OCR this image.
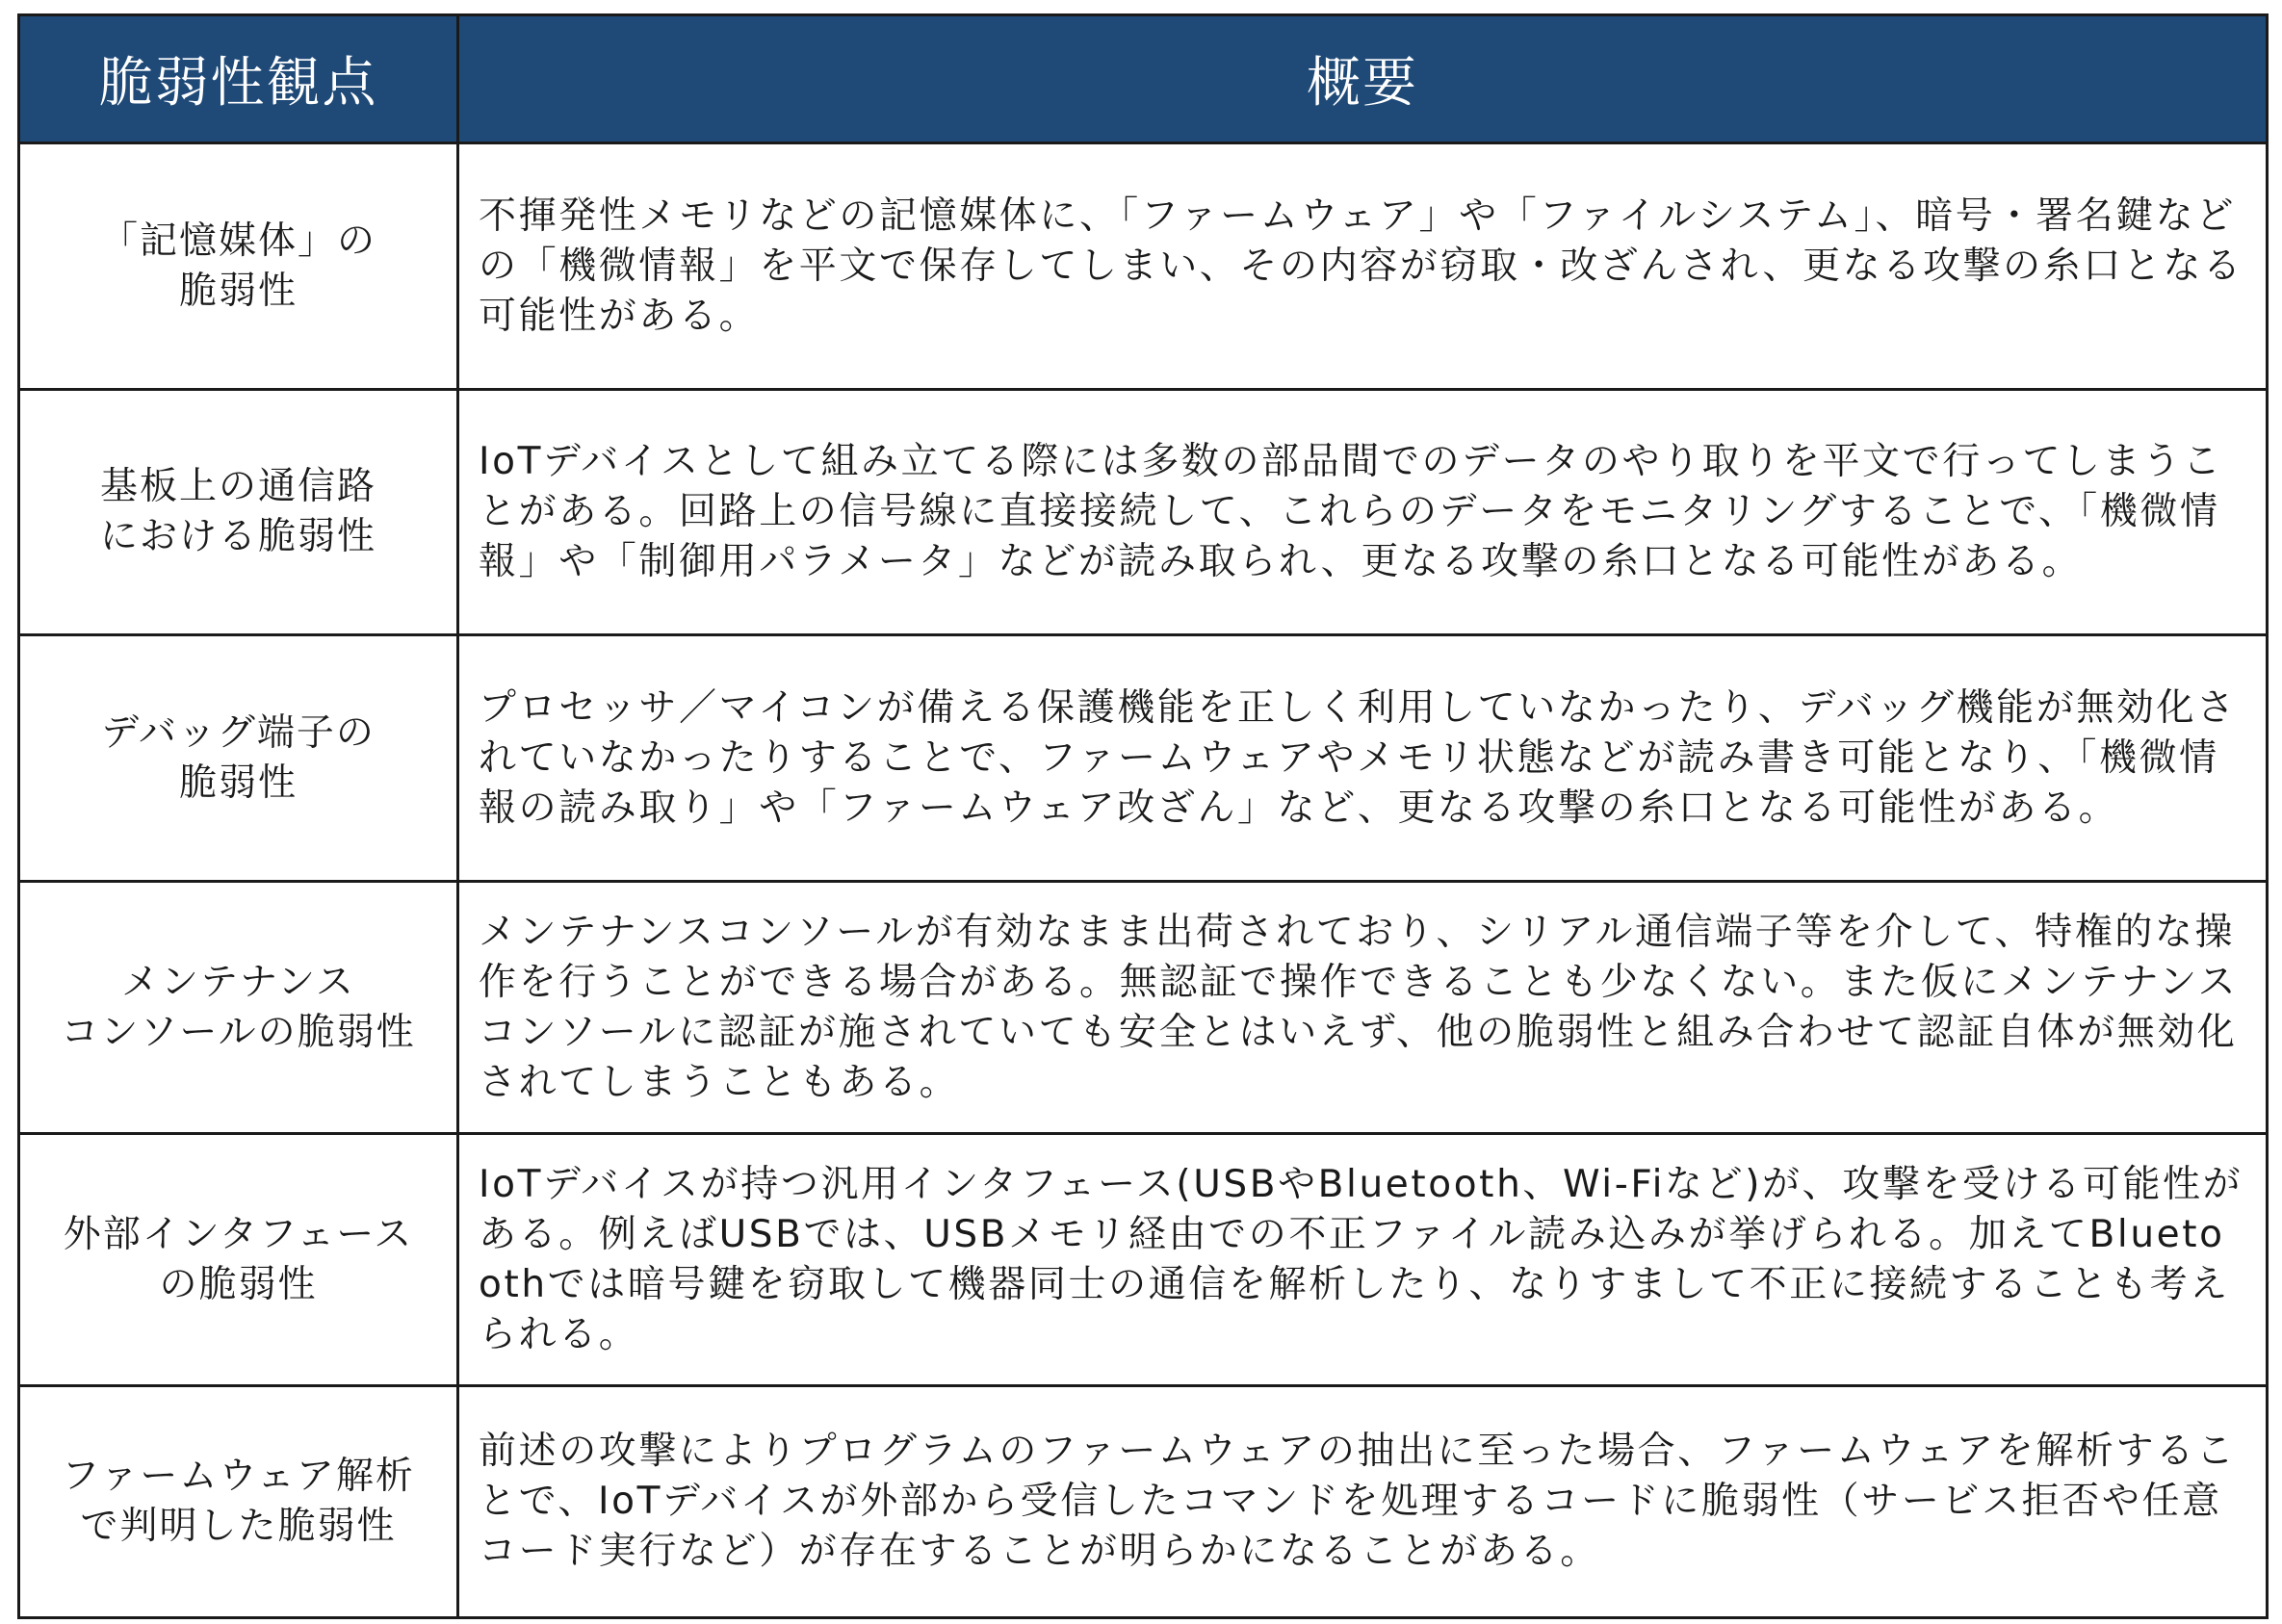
脆弱性観点	概要
「記憶媒体」の
脆弱性	不揮発性メモリなどの記憶媒体に、「ファームウェア」や「ファイルシステム」、暗号・署名鍵などの「機微情報」を平文で保存してしまい、その内容が窃取・改ざんされ、更なる攻撃の糸口となる可能性がある。
基板上の通信路
における脆弱性	IoTデバイスとして組み立てる際には多数の部品間でのデータのやり取りを平文で行ってしまうことがある。回路上の信号線に直接接続して、これらのデータをモニタリングすることで、「機微情報」や「制御用パラメータ」などが読み取られ、更なる攻撃の糸口となる可能性がある。
デバッグ端子の
脆弱性	プロセッサ／マイコンが備える保護機能を正しく利用していなかったり、デバッグ機能が無効化されていなかったりすることで、ファームウェアやメモリ状態などが読み書き可能となり、「機微情報の読み取り」や「ファームウェア改ざん」など、更なる攻撃の糸口となる可能性がある。
メンテナンス
コンソールの脆弱性	メンテナンスコンソールが有効なまま出荷されており、シリアル通信端子等を介して、特権的な操作を行うことができる場合がある。無認証で操作できることも少なくない。また仮にメンテナンスコンソールに認証が施されていても安全とはいえず、他の脆弱性と組み合わせて認証自体が無効化されてしまうこともある。
外部インタフェース
の脆弱性	IoTデバイスが持つ汎用インタフェース(USBやBluetooth、Wi-Fiなど)が、攻撃を受ける可能性がある。例えばUSBでは、USBメモリ経由での不正ファイル読み込みが挙げられる。加えてBluetoothでは暗号鍵を窃取して機器同士の通信を解析したり、なりすまして不正に接続することも考えられる。
ファームウェア解析
で判明した脆弱性	前述の攻撃によりプログラムのファームウェアの抽出に至った場合、ファームウェアを解析することで、IoTデバイスが外部から受信したコマンドを処理するコードに脆弱性（サービス拒否や任意コード実行など）が存在することが明らかになることがある。
